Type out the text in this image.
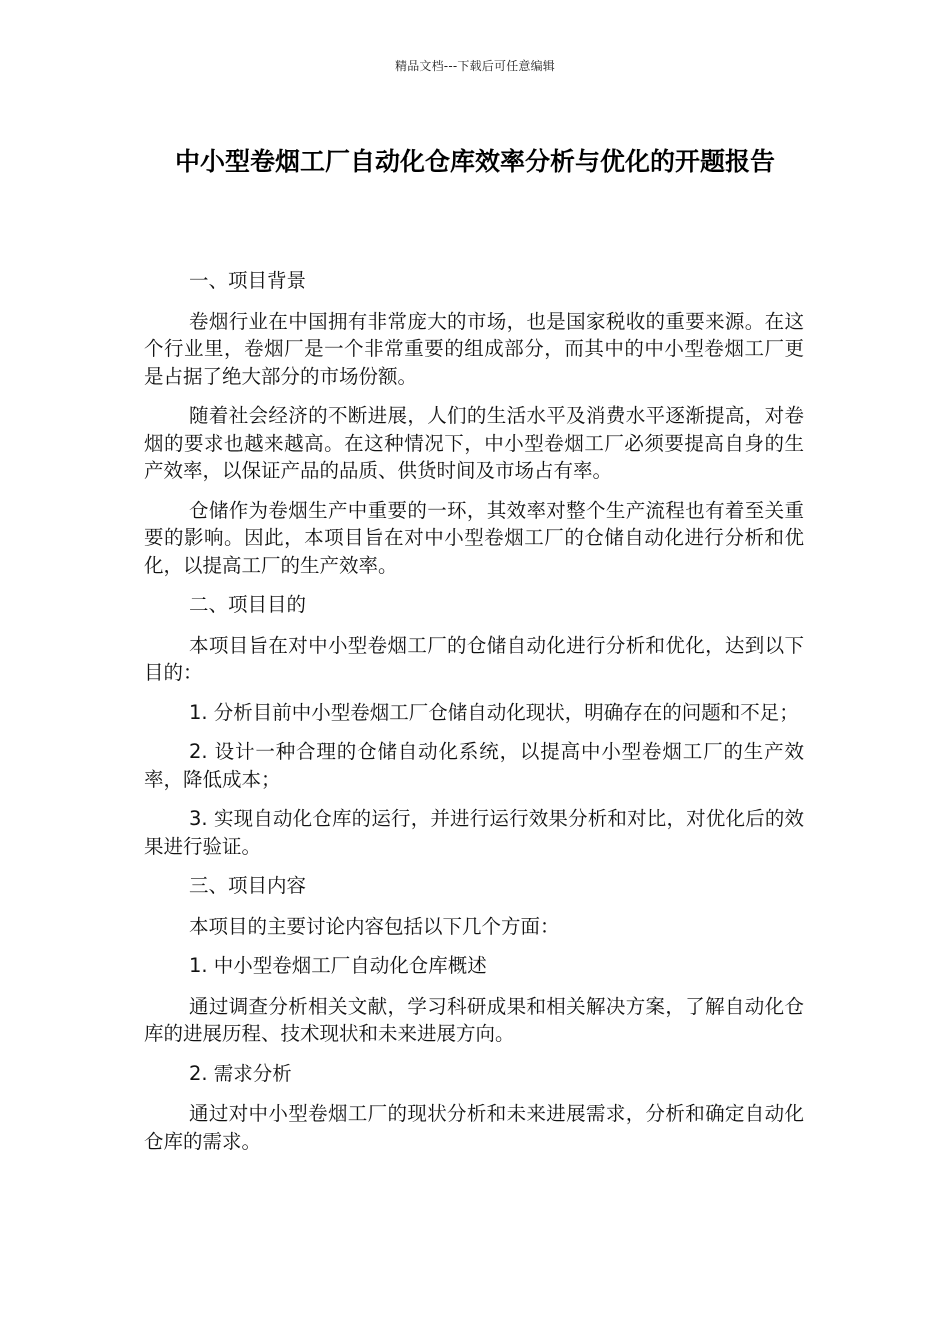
精品文档---下载后可任意编辑
中小型卷烟工厂自动化仓库效率分析与优化的开题报告

一、项目背景

卷烟行业在中国拥有非常庞大的市场，也是国家税收的重要来源。在这个行业里，卷烟厂是一个非常重要的组成部分，而其中的中小型卷烟工厂更是占据了绝大部分的市场份额。

随着社会经济的不断进展，人们的生活水平及消费水平逐渐提高，对卷烟的要求也越来越高。在这种情况下，中小型卷烟工厂必须要提高自身的生产效率，以保证产品的品质、供货时间及市场占有率。

仓储作为卷烟生产中重要的一环，其效率对整个生产流程也有着至关重要的影响。因此，本项目旨在对中小型卷烟工厂的仓储自动化进行分析和优化，以提高工厂的生产效率。

二、项目目的

本项目旨在对中小型卷烟工厂的仓储自动化进行分析和优化，达到以下目的：

1. 分析目前中小型卷烟工厂仓储自动化现状，明确存在的问题和不足；

2. 设计一种合理的仓储自动化系统，以提高中小型卷烟工厂的生产效率，降低成本；

3. 实现自动化仓库的运行，并进行运行效果分析和对比，对优化后的效果进行验证。

三、项目内容

本项目的主要讨论内容包括以下几个方面：

1. 中小型卷烟工厂自动化仓库概述

通过调查分析相关文献，学习科研成果和相关解决方案，了解自动化仓库的进展历程、技术现状和未来进展方向。

2. 需求分析

通过对中小型卷烟工厂的现状分析和未来进展需求，分析和确定自动化仓库的需求。
